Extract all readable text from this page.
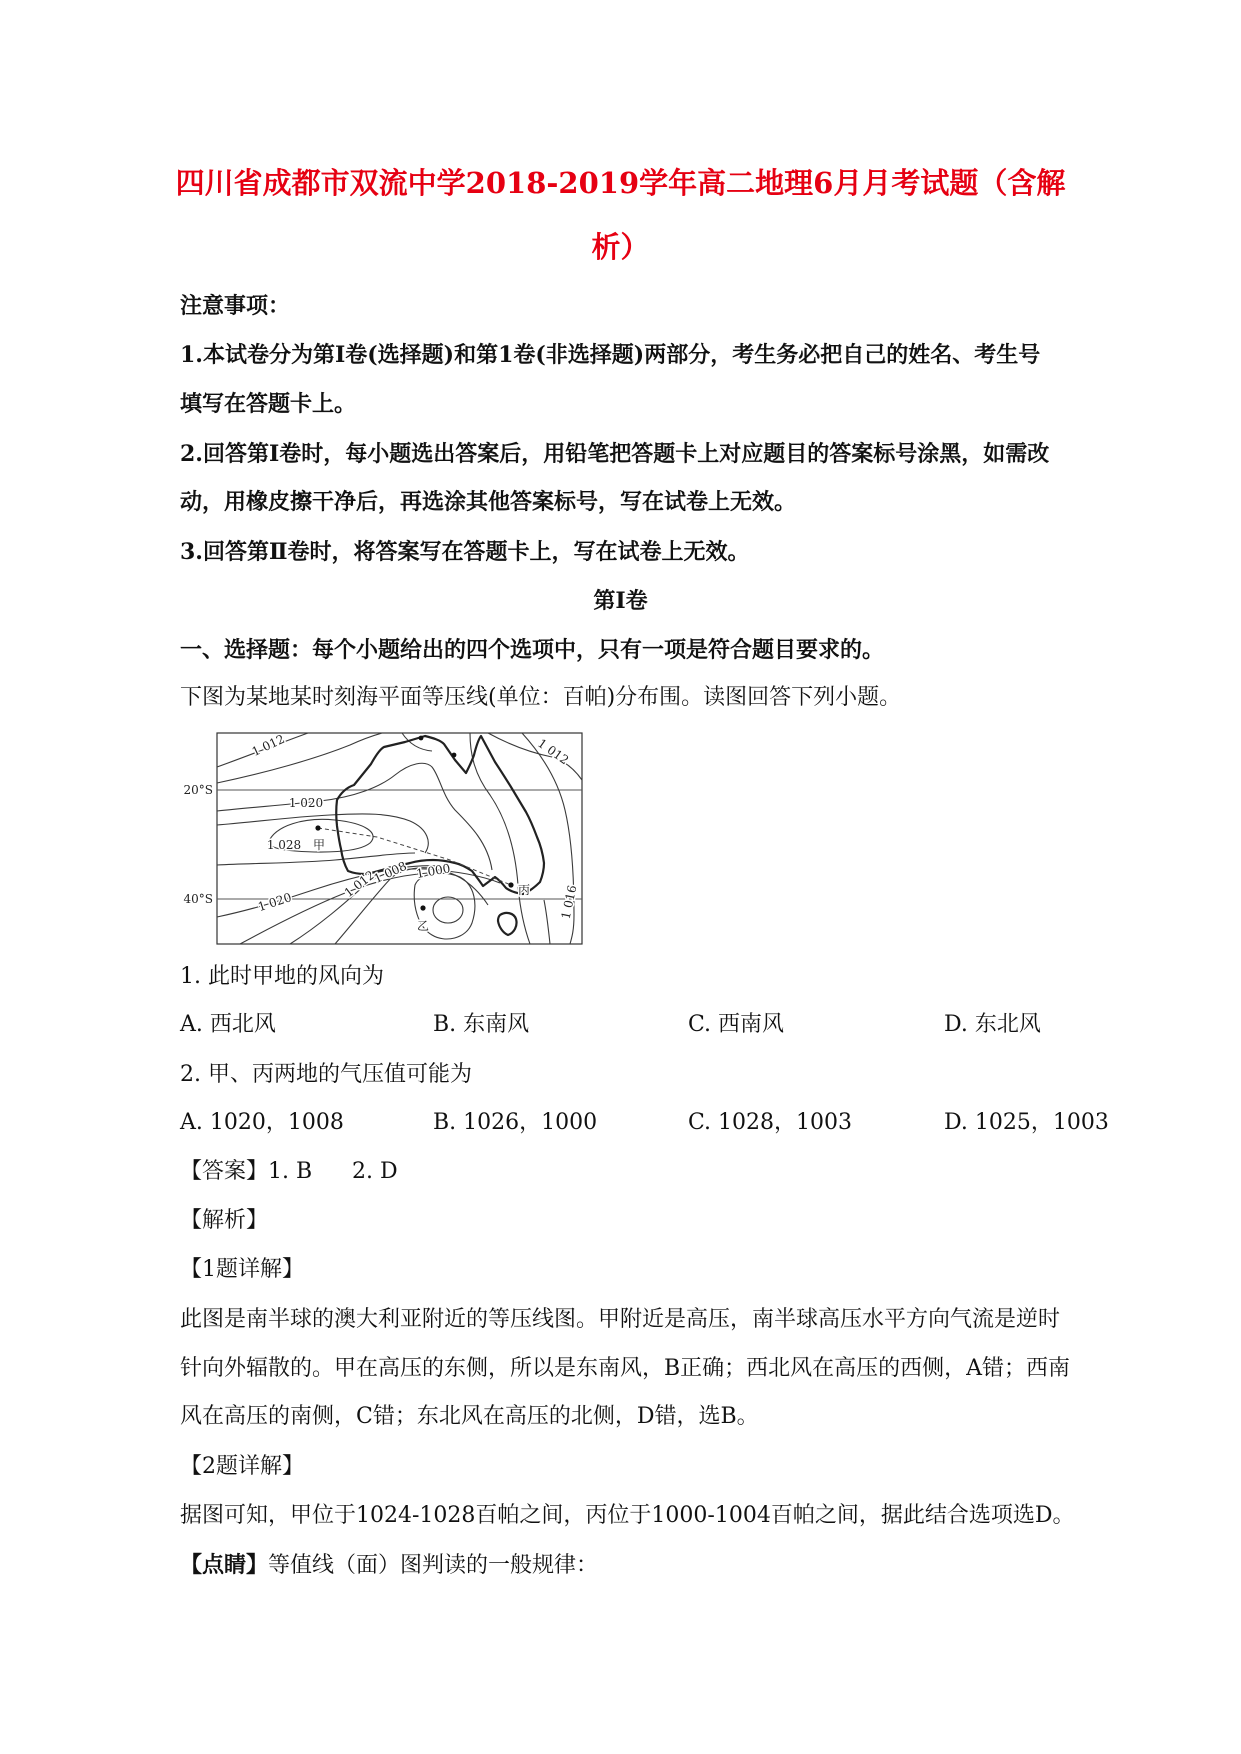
四川省成都市双流中学2018-2019学年高二地理6月月考试题（含解
析）
注意事项：
1.本试卷分为第Ⅰ卷(选择题)和第1卷(非选择题)两部分，考生务必把自己的姓名、考生号
填写在答题卡上。
2.回答第Ⅰ卷时，每小题选出答案后，用铅笔把答题卡上对应题目的答案标号涂黑，如需改
动，用橡皮擦干净后，再选涂其他答案标号，写在试卷上无效。
3.回答第Ⅱ卷时，将答案写在答题卡上，写在试卷上无效。
第Ⅰ卷
一、选择题：每个小题给出的四个选项中，只有一项是符合题目要求的。
下图为某地某时刻海平面等压线(单位：百帕)分布围。读图回答下列小题。
20°S
40°S
1 012	1 012
1 020
1 028
1 012
1 008 1 000
1 020	1 016
甲
乙
丙
1. 此时甲地的风向为
A. 西北风	B. 东南风	C. 西南风	D. 东北风
2. 甲、丙两地的气压值可能为
A. 1020，1008	B. 1026，1000	C. 1028，1003	D. 1025，1003
【答案】1. B 2. D
【解析】
【1题详解】
此图是南半球的澳大利亚附近的等压线图。甲附近是高压，南半球高压水平方向气流是逆时
针向外辐散的。甲在高压的东侧，所以是东南风，B正确；西北风在高压的西侧，A错；西南
风在高压的南侧，C错；东北风在高压的北侧，D错，选B。
【2题详解】
据图可知，甲位于1024-1028百帕之间，丙位于1000-1004百帕之间，据此结合选项选D。
【点睛】等值线（面）图判读的一般规律：
